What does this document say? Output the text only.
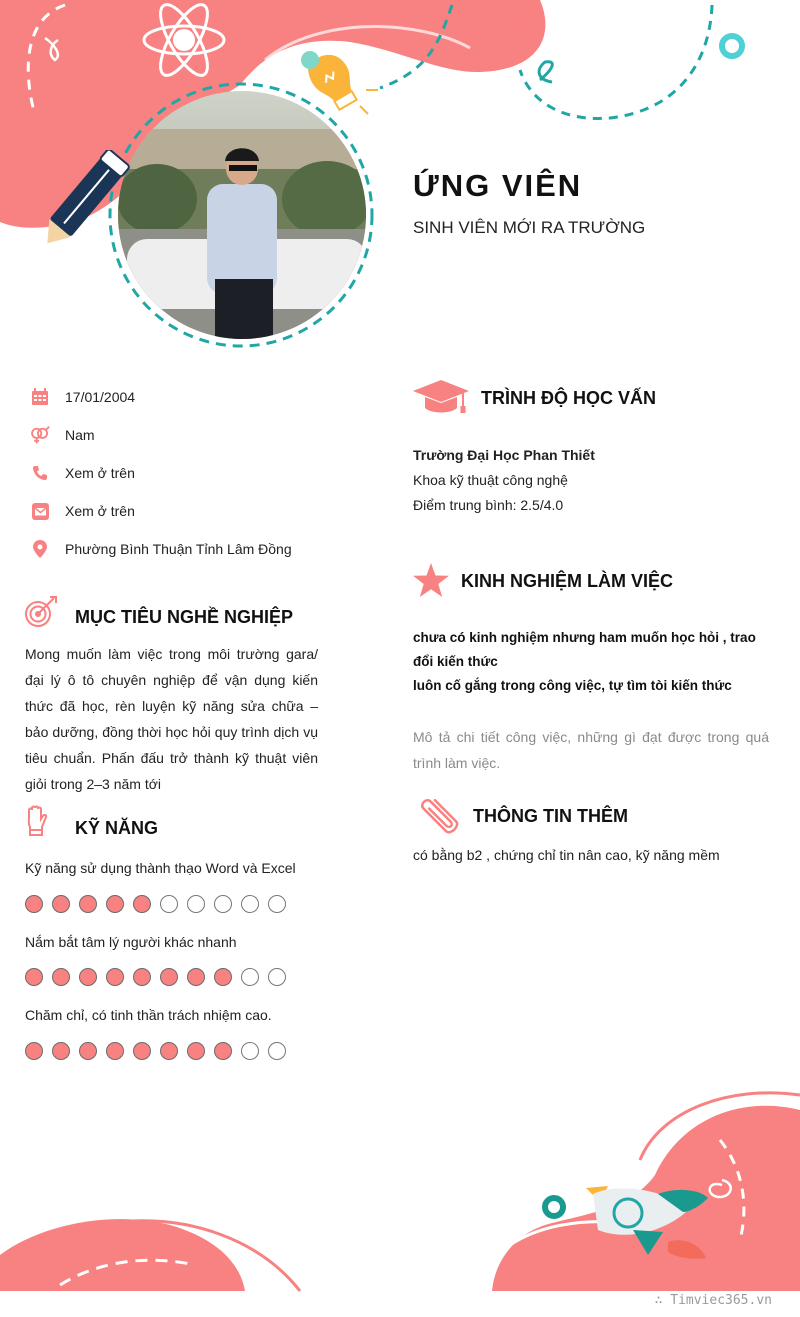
ỨNG VIÊN
SINH VIÊN MỚI RA TRƯỜNG
17/01/2004
Nam
Xem ở trên
Xem ở trên
Phường Bình Thuận Tỉnh Lâm Đồng
MỤC TIÊU NGHỀ NGHIỆP
Mong muốn làm việc trong môi trường gara/ đại lý ô tô chuyên nghiệp để vận dụng kiến thức đã học, rèn luyện kỹ năng sửa chữa – bảo dưỡng, đồng thời học hỏi quy trình dịch vụ tiêu chuẩn. Phấn đấu trở thành kỹ thuật viên giỏi trong 2–3 năm tới
KỸ NĂNG
Kỹ năng sử dụng thành thạo Word và Excel
Nắm bắt tâm lý người khác nhanh
Chăm chỉ, có tinh thần trách nhiệm cao.
TRÌNH ĐỘ HỌC VẤN
Trường Đại Học Phan Thiết
Khoa kỹ thuật công nghệ
Điểm trung bình: 2.5/4.0
KINH NGHIỆM LÀM VIỆC
chưa có kinh nghiệm nhưng ham muốn học hỏi , trao đổi kiến thức
luôn cố gắng trong công việc, tự tìm tòi kiến thức
Mô tả chi tiết công việc, những gì đạt được trong quá trình làm việc.
THÔNG TIN THÊM
có bằng b2 , chứng chỉ tin nân cao, kỹ năng mềm
∴ Timviec365.vn
